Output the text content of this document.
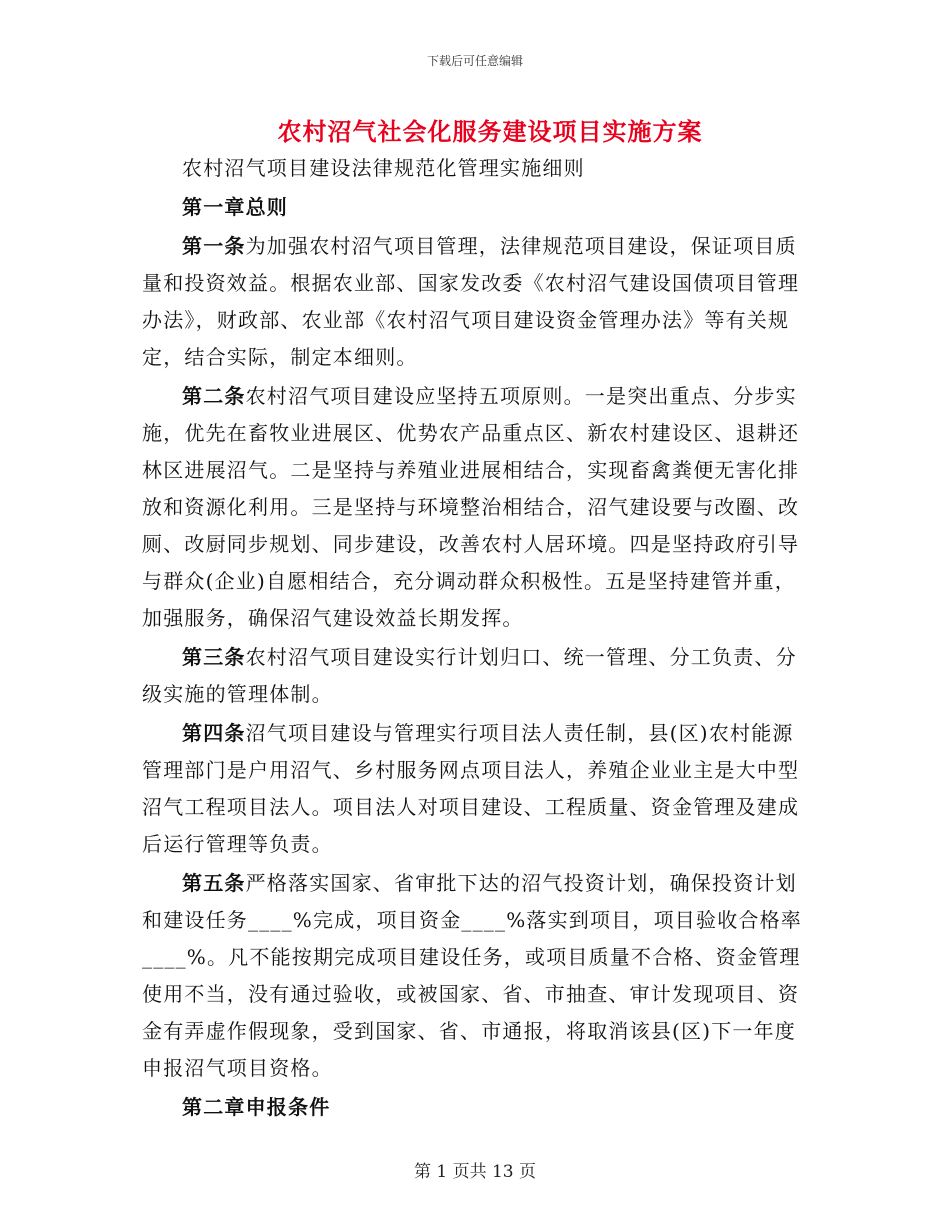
下载后可任意编辑
农村沼气社会化服务建设项目实施方案

农村沼气项目建设法律规范化管理实施细则

第一章总则

第一条为加强农村沼气项目管理，法律规范项目建设，保证项目质量和投资效益。根据农业部、国家发改委《农村沼气建设国债项目管理办法》，财政部、农业部《农村沼气项目建设资金管理办法》等有关规定，结合实际，制定本细则。

第二条农村沼气项目建设应坚持五项原则。一是突出重点、分步实施，优先在畜牧业进展区、优势农产品重点区、新农村建设区、退耕还林区进展沼气。二是坚持与养殖业进展相结合，实现畜禽粪便无害化排放和资源化利用。三是坚持与环境整治相结合，沼气建设要与改圈、改厕、改厨同步规划、同步建设，改善农村人居环境。四是坚持政府引导与群众(企业)自愿相结合，充分调动群众积极性。五是坚持建管并重，加强服务，确保沼气建设效益长期发挥。

第三条农村沼气项目建设实行计划归口、统一管理、分工负责、分级实施的管理体制。

第四条沼气项目建设与管理实行项目法人责任制，县(区)农村能源管理部门是户用沼气、乡村服务网点项目法人，养殖企业业主是大中型沼气工程项目法人。项目法人对项目建设、工程质量、资金管理及建成后运行管理等负责。

第五条严格落实国家、省审批下达的沼气投资计划，确保投资计划和建设任务____%完成，项目资金____%落实到项目，项目验收合格率____%。凡不能按期完成项目建设任务，或项目质量不合格、资金管理使用不当，没有通过验收，或被国家、省、市抽查、审计发现项目、资金有弄虚作假现象，受到国家、省、市通报，将取消该县(区)下一年度申报沼气项目资格。

第二章申报条件

第 1 页共 13 页
